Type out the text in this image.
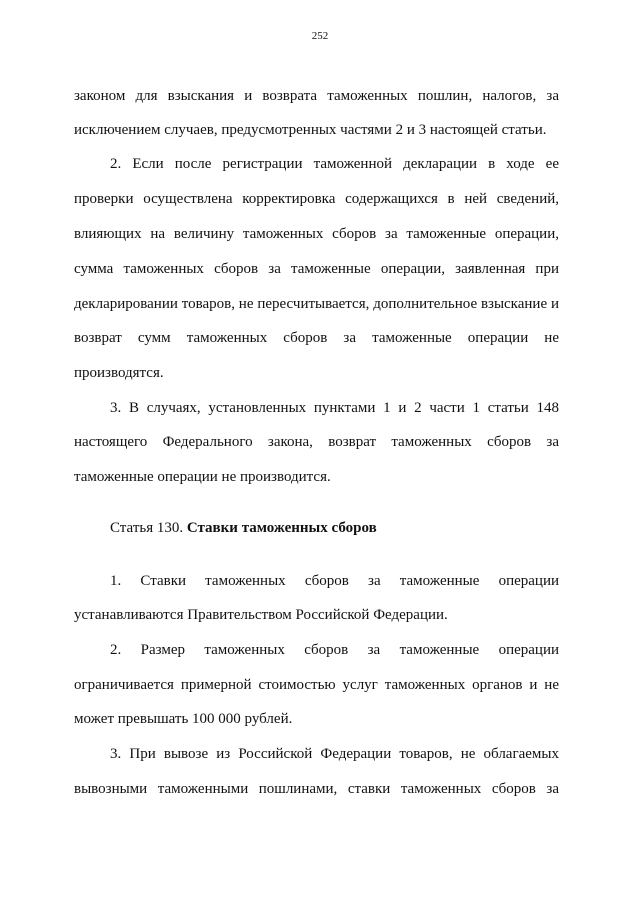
252
законом для взыскания и возврата таможенных пошлин, налогов, за
исключением случаев, предусмотренных частями 2 и 3 настоящей статьи.
2. Если после регистрации таможенной декларации в ходе ее
проверки осуществлена корректировка содержащихся в ней сведений,
влияющих на величину таможенных сборов за таможенные операции,
сумма таможенных сборов за таможенные операции, заявленная при
декларировании товаров, не пересчитывается, дополнительное взыскание и
возврат сумм таможенных сборов за таможенные операции не
производятся.
3. В случаях, установленных пунктами 1 и 2 части 1 статьи 148
настоящего Федерального закона, возврат таможенных сборов за
таможенные операции не производится.
Статья 130. Ставки таможенных сборов
1. Ставки таможенных сборов за таможенные операции
устанавливаются Правительством Российской Федерации.
2. Размер таможенных сборов за таможенные операции
ограничивается примерной стоимостью услуг таможенных органов и не
может превышать 100 000 рублей.
3. При вывозе из Российской Федерации товаров, не облагаемых
вывозными таможенными пошлинами, ставки таможенных сборов за
